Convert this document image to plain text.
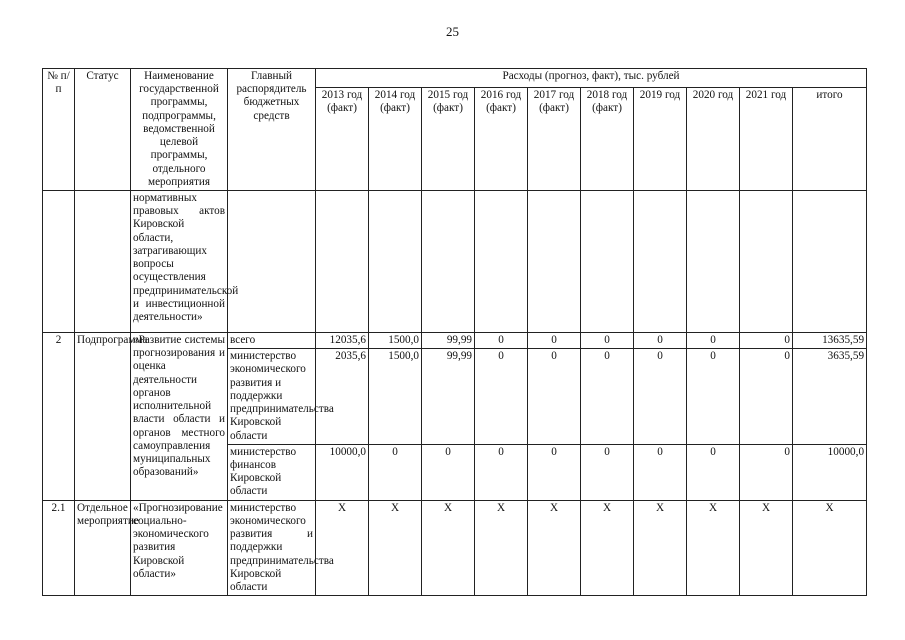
25
№ п/п	Статус	Наименование государственной программы, подпрограммы, ведомственной целевой программы, отдельного мероприятия	Главный распорядитель бюджетных средств	Расходы (прогноз, факт), тыс. рублей									
				2013 год (факт)	2014 год (факт)	2015 год (факт)	2016 год (факт)	2017 год (факт)	2018 год (факт)	2019 год	2020 год	2021 год	итого
		нормативных правовых актов Кировской области, затрагивающих вопросы осуществления предпринимательской и инвестиционной деятельности»											
2	Подпрограмма	«Развитие системы прогнозирования и оценка деятельности органов исполнительной власти области и органов местного самоуправления муниципальных образований»	всего	12035,6	1500,0	99,99	0	0	0	0	0	0	13635,59
			министерство экономического развития и поддержки предпринимательства Кировской области	2035,6	1500,0	99,99	0	0	0	0	0	0	3635,59
			министерство финансов Кировской области	10000,0	0	0	0	0	0	0	0	0	10000,0
2.1	Отдельное мероприятие	«Прогнозирование социально-экономического развития Кировской области»	министерство экономического развития и поддержки предпринимательства Кировской области	X	X	X	X	X	X	X	X	X	X
